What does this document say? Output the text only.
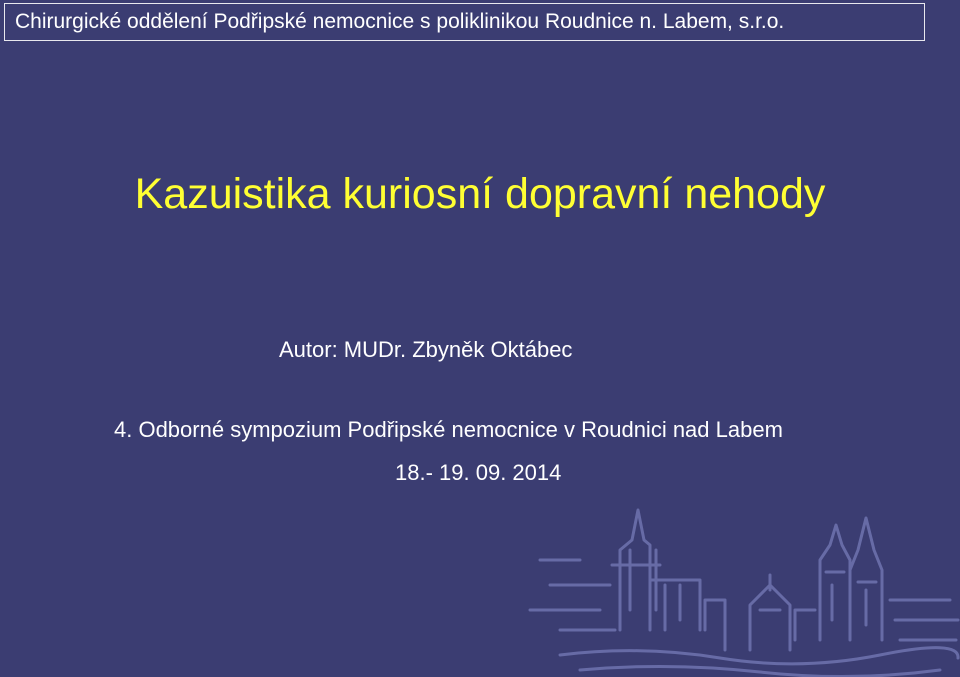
Chirurgické oddělení Podřipské nemocnice s poliklinikou Roudnice n. Labem, s.r.o.
Kazuistika kuriosní dopravní nehody
Autor: MUDr. Zbyněk Oktábec
4. Odborné sympozium Podřipské nemocnice v Roudnici nad Labem
18.- 19. 09. 2014
